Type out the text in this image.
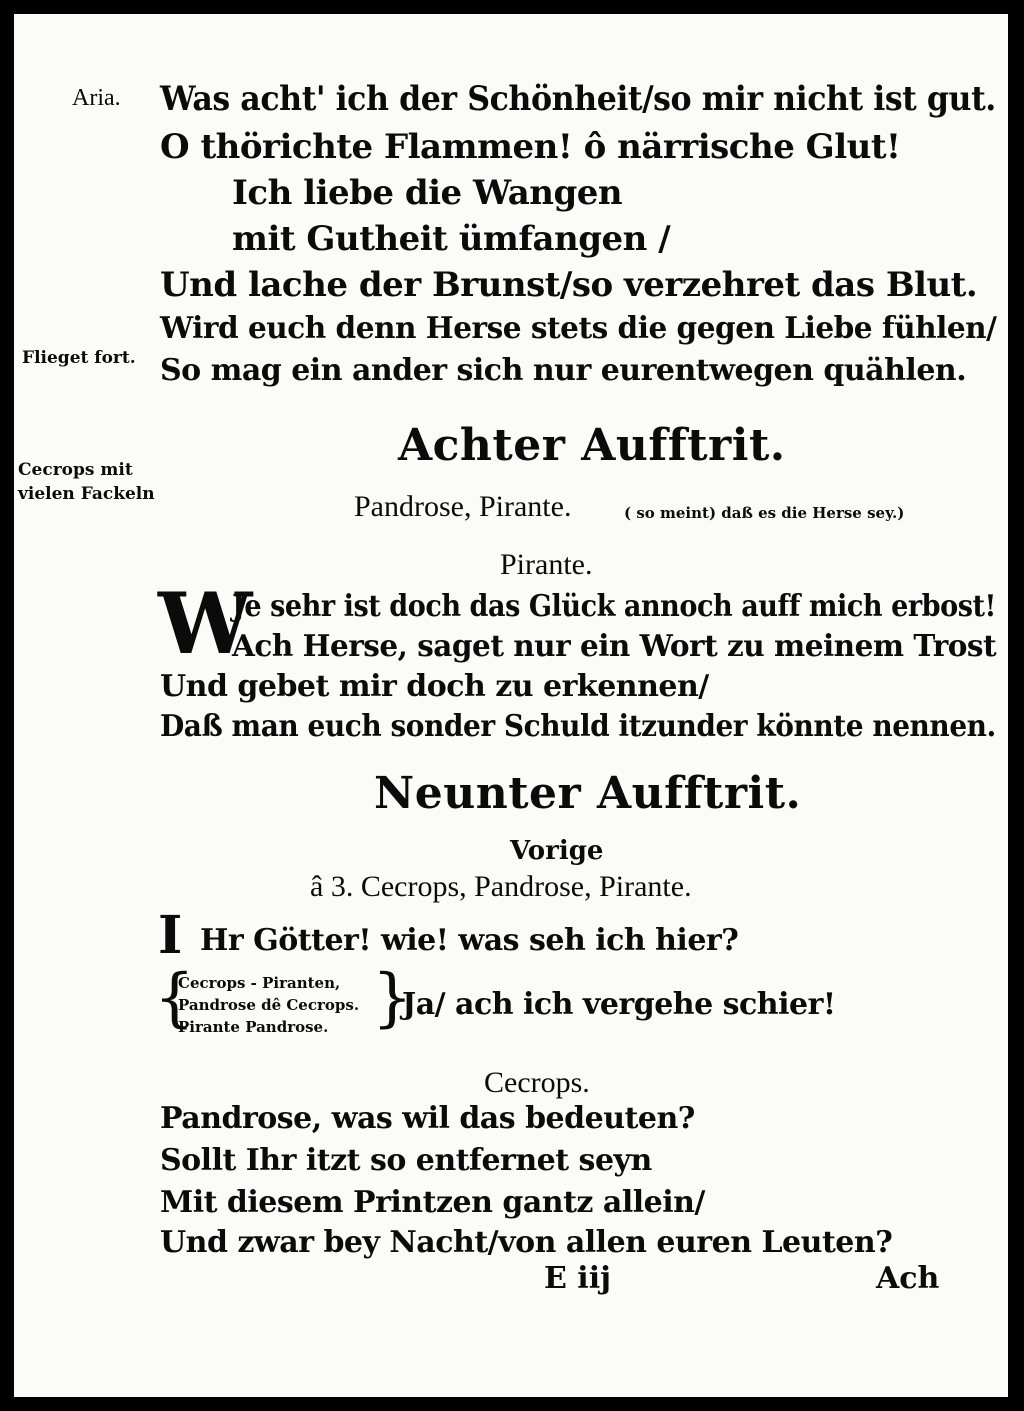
Aria. Was acht' ich der Schönheit/so mir nicht ist gut.
O thörichte Flammen! ô närrische Glut!
Ich liebe die Wangen
mit Gutheit ümfangen /
Und lache der Brunst/so verzehret das Blut.
Wird euch denn Herse stets die gegen Liebe fühlen/
Flieget fort. So mag ein ander sich nur eurentwegen quählen.
Achter Aufftrit.
Cecrops mit
vielen Fackeln	Pandrose, Pirante.	( so meint) daß es die Herse sey.)
Pirante.
W
Je sehr ist doch das Glück annoch auff mich erbost!
Ach Herse, saget nur ein Wort zu meinem Trost
Und gebet mir doch zu erkennen/
Daß man euch sonder Schuld itzunder könnte nennen.
Neunter Aufftrit.
Vorige
â 3. Cecrops, Pandrose, Pirante.
I Hr Götter! wie! was seh ich hier?
{
Cecrops - Piranten,
Pandrose dê Cecrops.
Pirante Pandrose. }
Ja/ ach ich vergehe schier!
Cecrops.
Pandrose, was wil das bedeuten?
Sollt Ihr itzt so entfernet seyn
Mit diesem Printzen gantz allein/
Und zwar bey Nacht/von allen euren Leuten?
E iij	Ach
